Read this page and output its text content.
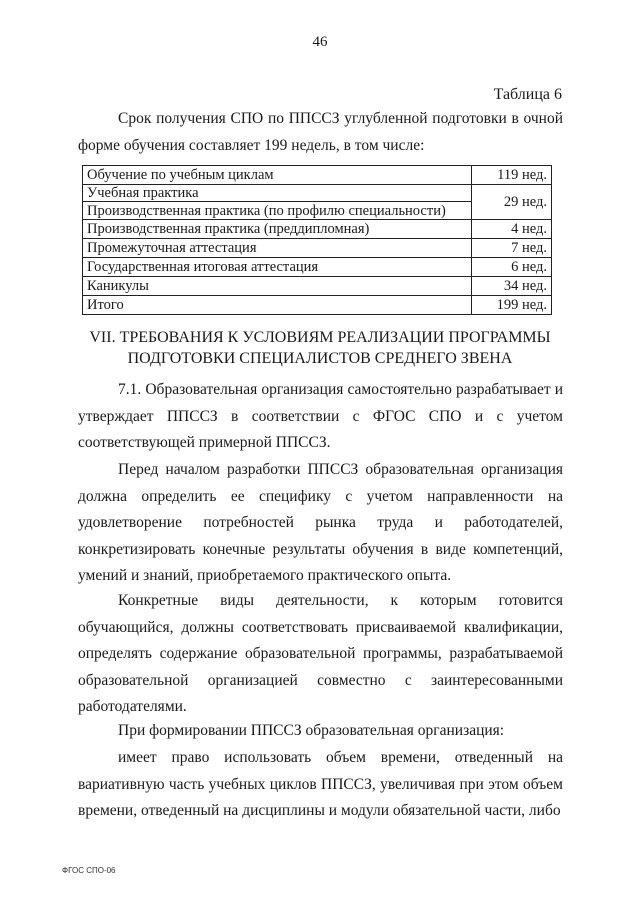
46
Таблица 6

Срок получения СПО по ППССЗ углубленной подготовки в очной форме обучения составляет 199 недель, в том числе:

Обучение по учебным циклам	119 нед.

Учебная практика
Производственная практика (по профилю специальности)	29 нед.
Производственная практика (преддипломная)	4 нед.
Промежуточная аттестация	7 нед.
Государственная итоговая аттестация	6 нед.
Каникулы	34 нед.
Итого	199 нед.
VII. ТРЕБОВАНИЯ К УСЛОВИЯМ РЕАЛИЗАЦИИ ПРОГРАММЫ
ПОДГОТОВКИ СПЕЦИАЛИСТОВ СРЕДНЕГО ЗВЕНА

7.1. Образовательная организация самостоятельно разрабатывает и утверждает ППССЗ в соответствии с ФГОС СПО и с учетом соответствующей примерной ППССЗ.

Перед началом разработки ППССЗ образовательная организация должна определить ее специфику с учетом направленности на удовлетворение потребностей рынка труда и работодателей, конкретизировать конечные результаты обучения в виде компетенций, умений и знаний, приобретаемого практического опыта.

Конкретные виды деятельности, к которым готовится обучающийся, должны соответствовать присваиваемой квалификации, определять содержание образовательной программы, разрабатываемой образовательной организацией совместно с заинтересованными работодателями.

При формировании ППССЗ образовательная организация:

имеет право использовать объем времени, отведенный на вариативную часть учебных циклов ППССЗ, увеличивая при этом объем времени, отведенный на дисциплины и модули обязательной части, либо

ФГОС СПО-06
